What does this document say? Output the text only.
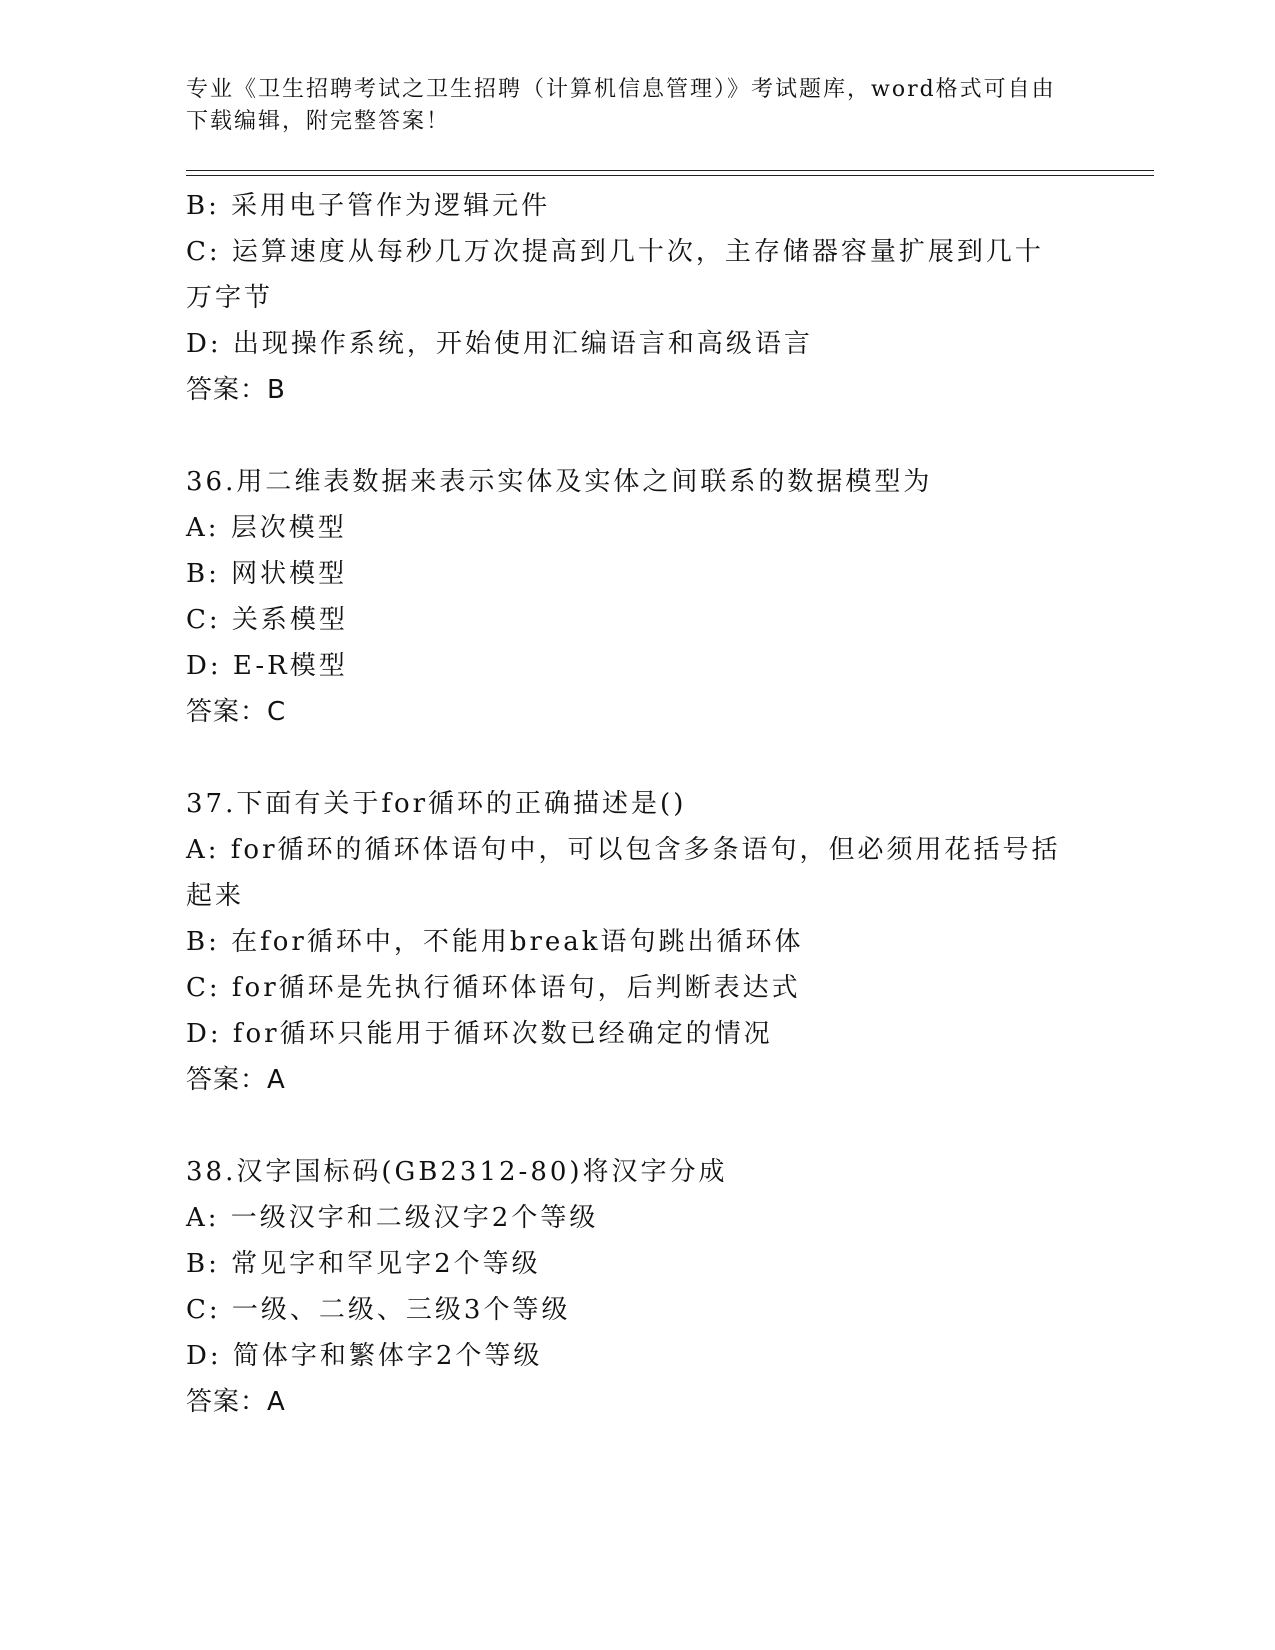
专业《卫生招聘考试之卫生招聘（计算机信息管理）》考试题库，word格式可自由下载编辑，附完整答案！
B: 采用电子管作为逻辑元件
C: 运算速度从每秒几万次提高到几十次，主存储器容量扩展到几十万字节
D: 出现操作系统，开始使用汇编语言和高级语言
答案：B
36.用二维表数据来表示实体及实体之间联系的数据模型为
A: 层次模型
B: 网状模型
C: 关系模型
D: E-R模型
答案：C
37.下面有关于for循环的正确描述是()
A: for循环的循环体语句中，可以包含多条语句，但必须用花括号括起来
B: 在for循环中，不能用break语句跳出循环体
C: for循环是先执行循环体语句，后判断表达式
D: for循环只能用于循环次数已经确定的情况
答案：A
38.汉字国标码(GB2312-80)将汉字分成
A: 一级汉字和二级汉字2个等级
B: 常见字和罕见字2个等级
C: 一级、二级、三级3个等级
D: 简体字和繁体字2个等级
答案：A
